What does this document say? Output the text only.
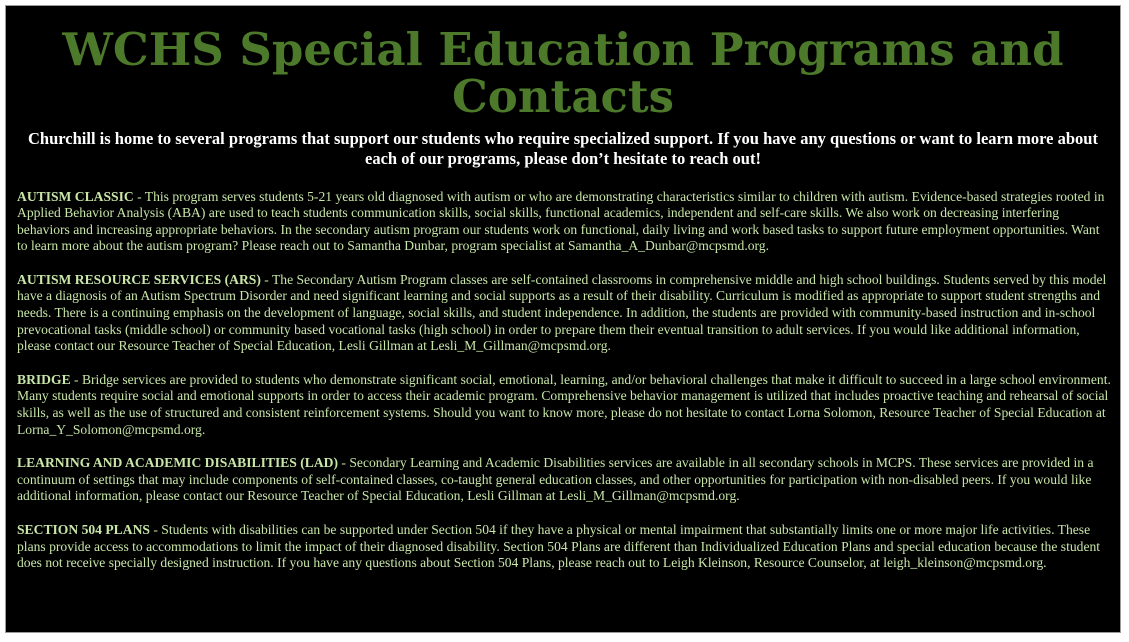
WCHS Special Education Programs and Contacts

Churchill is home to several programs that support our students who require specialized support. If you have any questions or want to learn more about each of our programs, please don’t hesitate to reach out!

AUTISM CLASSIC - This program serves students 5-21 years old diagnosed with autism or who are demonstrating characteristics similar to children with autism. Evidence-based strategies rooted in Applied Behavior Analysis (ABA) are used to teach students communication skills, social skills, functional academics, independent and self-care skills. We also work on decreasing interfering behaviors and increasing appropriate behaviors. In the secondary autism program our students work on functional, daily living and work based tasks to support future employment opportunities. Want to learn more about the autism program? Please reach out to Samantha Dunbar, program specialist at Samantha_A_Dunbar@mcpsmd.org.

AUTISM RESOURCE SERVICES (ARS) - The Secondary Autism Program classes are self-contained classrooms in comprehensive middle and high school buildings. Students served by this model have a diagnosis of an Autism Spectrum Disorder and need significant learning and social supports as a result of their disability. Curriculum is modified as appropriate to support student strengths and needs. There is a continuing emphasis on the development of language, social skills, and student independence. In addition, the students are provided with community-based instruction and in-school prevocational tasks (middle school) or community based vocational tasks (high school) in order to prepare them their eventual transition to adult services. If you would like additional information, please contact our Resource Teacher of Special Education, Lesli Gillman at Lesli_M_Gillman@mcpsmd.org.

BRIDGE - Bridge services are provided to students who demonstrate significant social, emotional, learning, and/or behavioral challenges that make it difficult to succeed in a large school environment. Many students require social and emotional supports in order to access their academic program. Comprehensive behavior management is utilized that includes proactive teaching and rehearsal of social skills, as well as the use of structured and consistent reinforcement systems. Should you want to know more, please do not hesitate to contact Lorna Solomon, Resource Teacher of Special Education at Lorna_Y_Solomon@mcpsmd.org.

LEARNING AND ACADEMIC DISABILITIES (LAD) - Secondary Learning and Academic Disabilities services are available in all secondary schools in MCPS. These services are provided in a continuum of settings that may include components of self-contained classes, co-taught general education classes, and other opportunities for participation with non-disabled peers. If you would like additional information, please contact our Resource Teacher of Special Education, Lesli Gillman at Lesli_M_Gillman@mcpsmd.org.

SECTION 504 PLANS - Students with disabilities can be supported under Section 504 if they have a physical or mental impairment that substantially limits one or more major life activities. These plans provide access to accommodations to limit the impact of their diagnosed disability. Section 504 Plans are different than Individualized Education Plans and special education because the student does not receive specially designed instruction. If you have any questions about Section 504 Plans, please reach out to Leigh Kleinson, Resource Counselor, at leigh_kleinson@mcpsmd.org.
